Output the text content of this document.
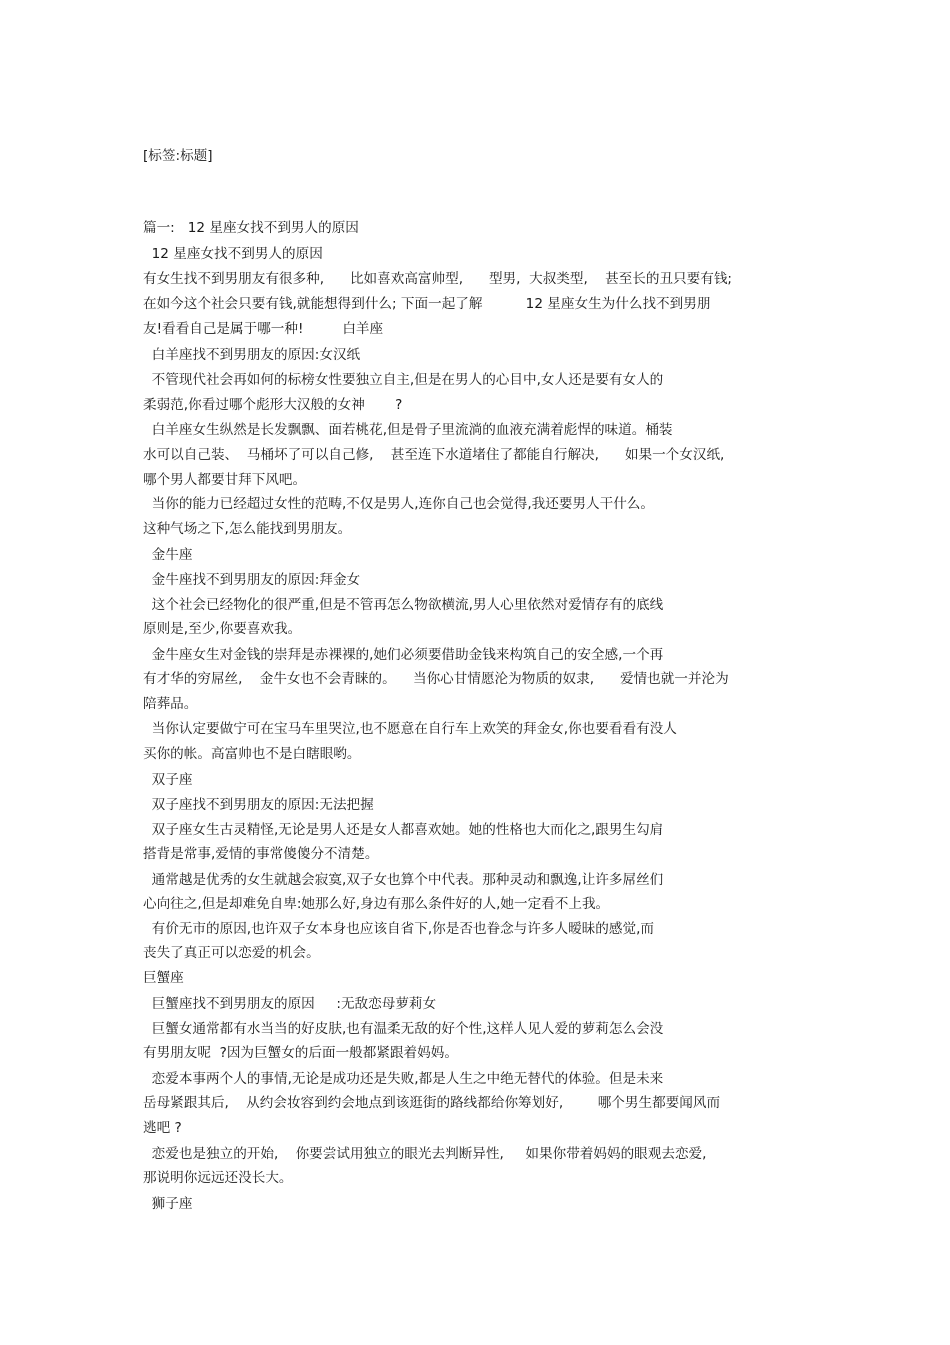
[标签:标题]
篇一:   12 星座女找不到男人的原因
12 星座女找不到男人的原因
有女生找不到男朋友有很多种,      比如喜欢高富帅型,      型男,  大叔类型,    甚至长的丑只要有钱;
在如今这个社会只要有钱,就能想得到什么; 下面一起了解          12 星座女生为什么找不到男朋
友!看看自己是属于哪一种!         白羊座
白羊座找不到男朋友的原因:女汉纸
不管现代社会再如何的标榜女性要独立自主,但是在男人的心目中,女人还是要有女人的
柔弱范,你看过哪个彪形大汉般的女神       ?
白羊座女生纵然是长发飘飘、面若桃花,但是骨子里流淌的血液充满着彪悍的味道。桶装
水可以自己装、  马桶坏了可以自己修,    甚至连下水道堵住了都能自行解决,      如果一个女汉纸,
哪个男人都要甘拜下风吧。
当你的能力已经超过女性的范畴,不仅是男人,连你自己也会觉得,我还要男人干什么。
这种气场之下,怎么能找到男朋友。
金牛座
金牛座找不到男朋友的原因:拜金女
这个社会已经物化的很严重,但是不管再怎么物欲横流,男人心里依然对爱情存有的底线
原则是,至少,你要喜欢我。
金牛座女生对金钱的崇拜是赤裸裸的,她们必须要借助金钱来构筑自己的安全感,一个再
有才华的穷屌丝,    金牛女也不会青睐的。    当你心甘情愿沦为物质的奴隶,      爱情也就一并沦为
陪葬品。
当你认定要做宁可在宝马车里哭泣,也不愿意在自行车上欢笑的拜金女,你也要看看有没人
买你的帐。高富帅也不是白瞎眼哟。
双子座
双子座找不到男朋友的原因:无法把握
双子座女生古灵精怪,无论是男人还是女人都喜欢她。她的性格也大而化之,跟男生勾肩
搭背是常事,爱情的事常傻傻分不清楚。
通常越是优秀的女生就越会寂寞,双子女也算个中代表。那种灵动和飘逸,让许多屌丝们
心向往之,但是却难免自卑:她那么好,身边有那么条件好的人,她一定看不上我。
有价无市的原因,也许双子女本身也应该自省下,你是否也眷念与许多人暧昧的感觉,而
丧失了真正可以恋爱的机会。
巨蟹座
巨蟹座找不到男朋友的原因     :无敌恋母萝莉女
巨蟹女通常都有水当当的好皮肤,也有温柔无敌的好个性,这样人见人爱的萝莉怎么会没
有男朋友呢  ?因为巨蟹女的后面一般都紧跟着妈妈。
恋爱本事两个人的事情,无论是成功还是失败,都是人生之中绝无替代的体验。但是未来
岳母紧跟其后,    从约会妆容到约会地点到该逛街的路线都给你筹划好,        哪个男生都要闻风而
逃吧 ?
恋爱也是独立的开始,    你要尝试用独立的眼光去判断异性,     如果你带着妈妈的眼观去恋爱,
那说明你远远还没长大。
狮子座
